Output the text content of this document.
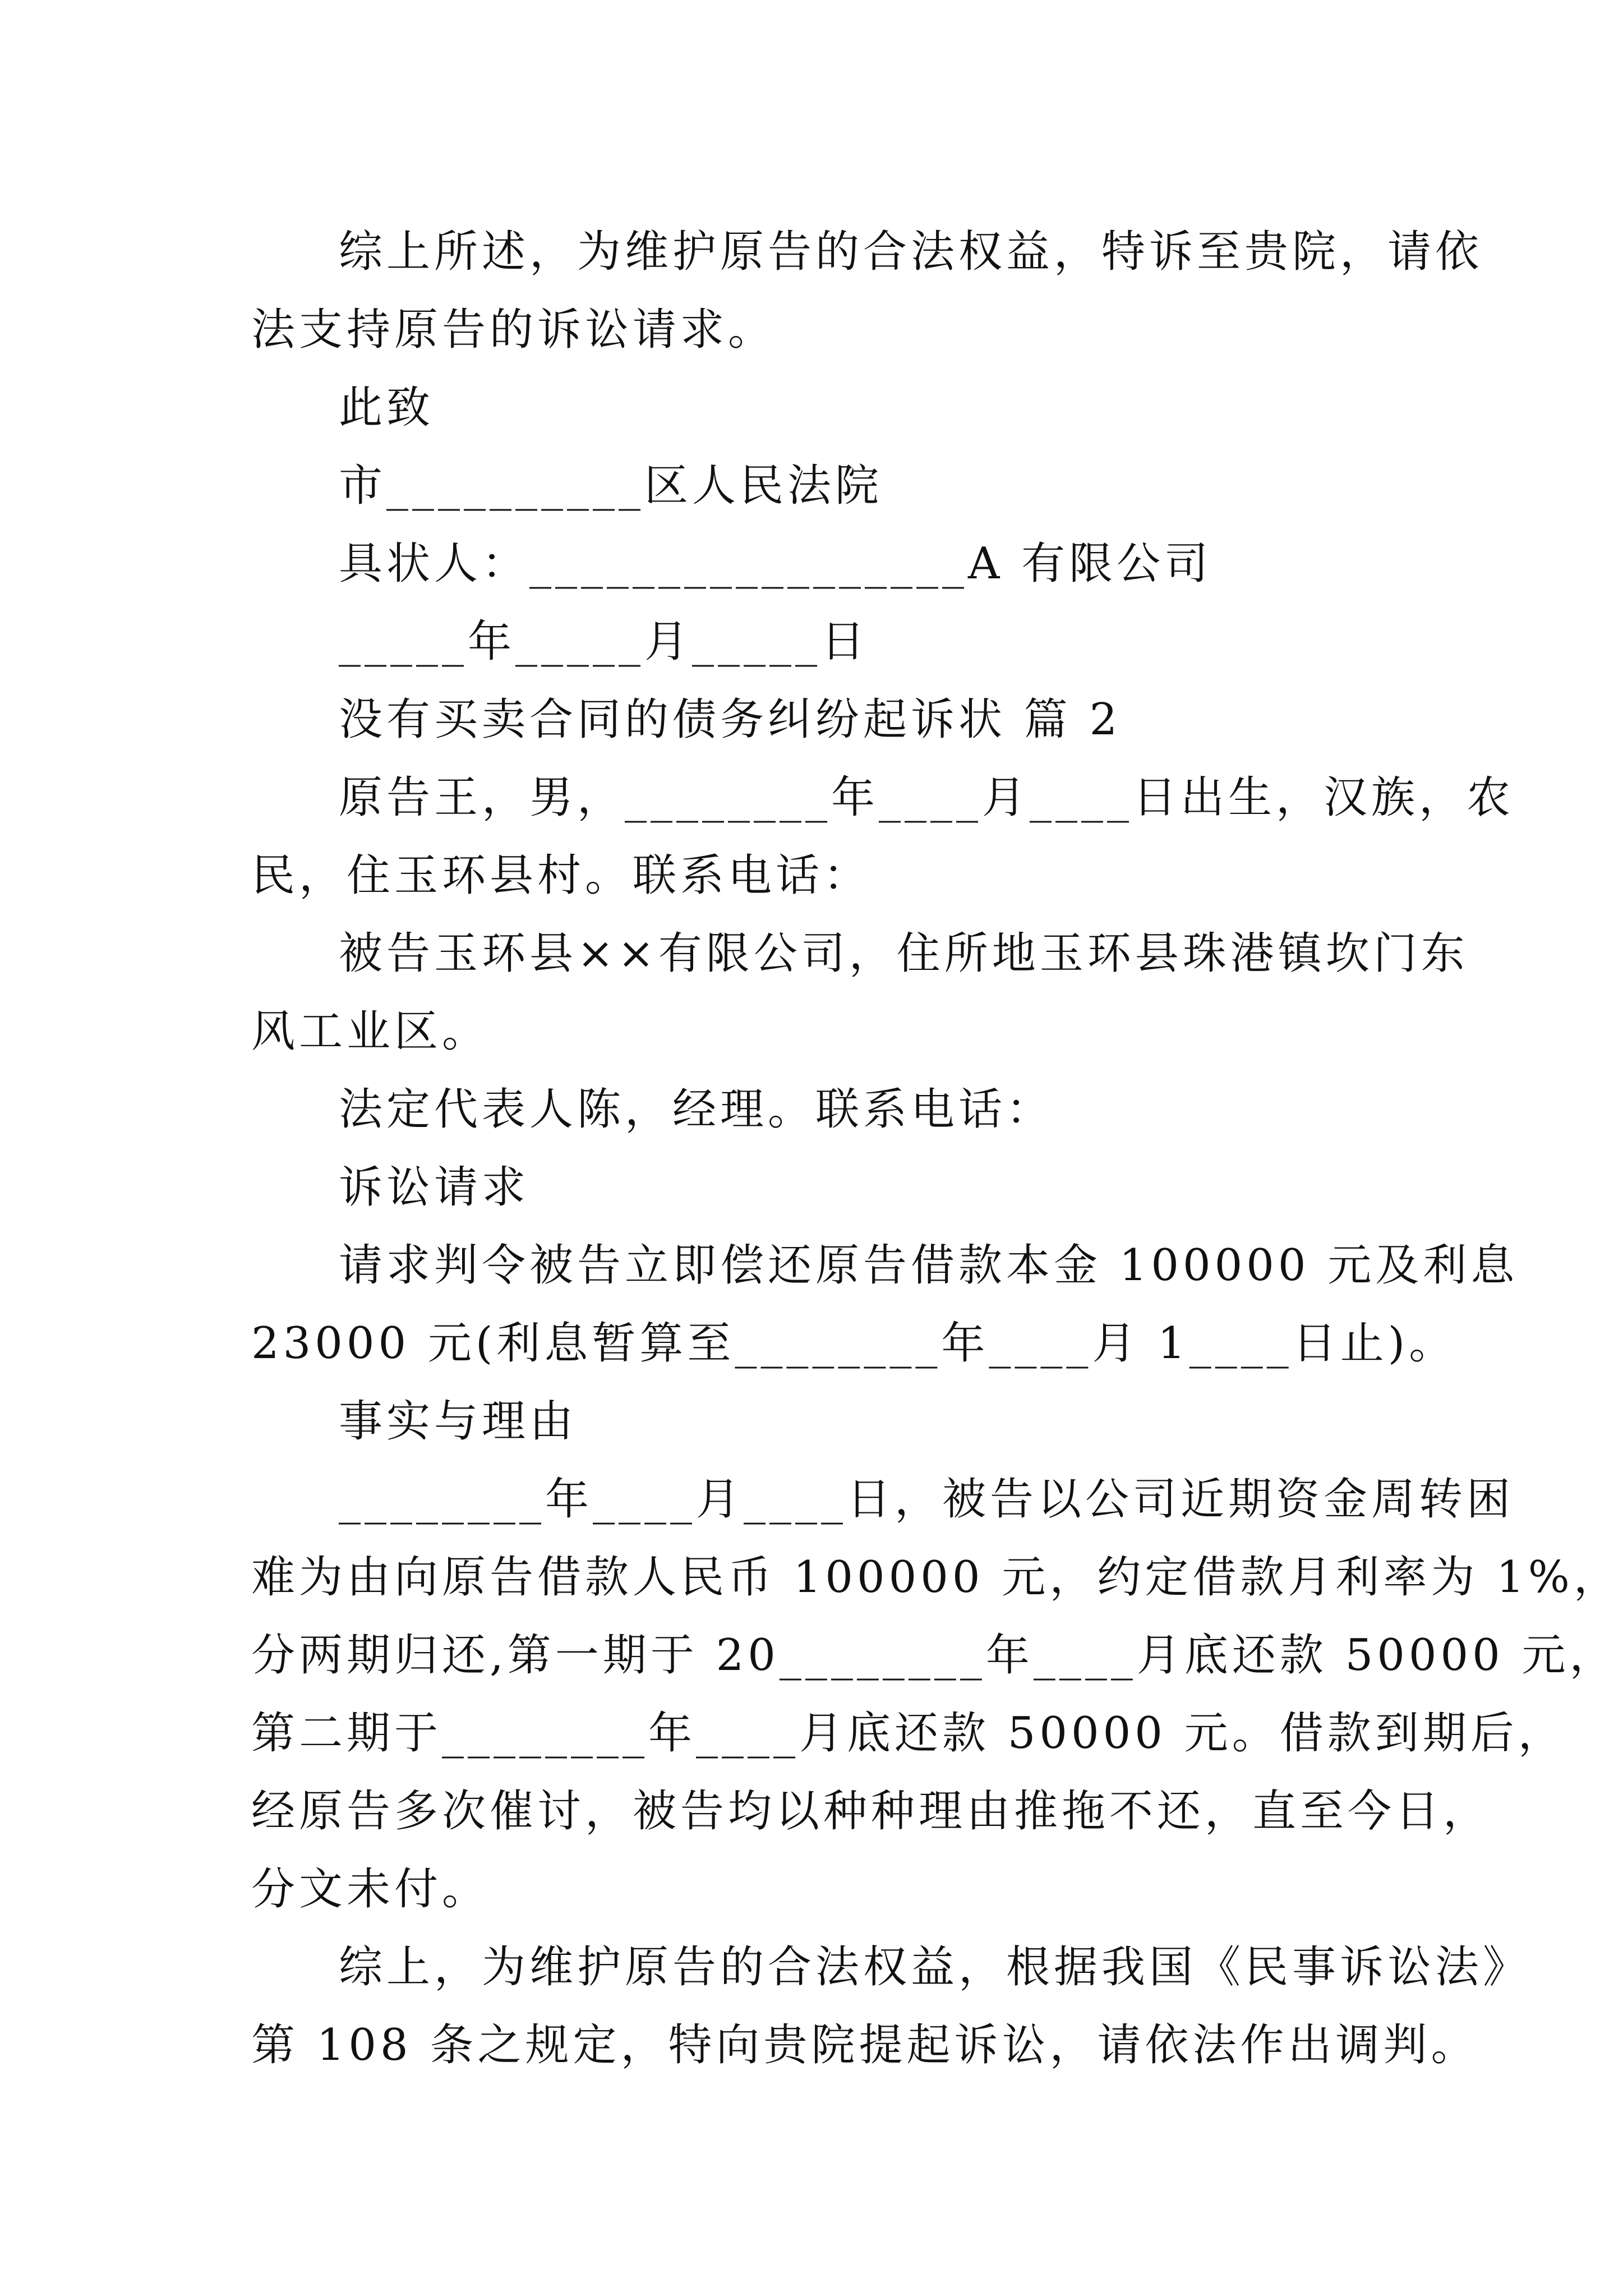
综上所述，为维护原告的合法权益，特诉至贵院，请依
法支持原告的诉讼请求。
此致
市__________区人民法院
具状人：_________________A 有限公司
_____年_____月_____日
没有买卖合同的债务纠纷起诉状 篇 2
原告王，男，________年____月____日出生，汉族，农
民，住玉环县村。联系电话：
被告玉环县××有限公司，住所地玉环县珠港镇坎门东
风工业区。
法定代表人陈，经理。联系电话：
诉讼请求
请求判令被告立即偿还原告借款本金 100000 元及利息
23000 元(利息暂算至________年____月 1____日止)。
事实与理由
________年____月____日，被告以公司近期资金周转困
难为由向原告借款人民币 100000 元，约定借款月利率为 1%，
分两期归还,第一期于 20________年____月底还款 50000 元，
第二期于________年____月底还款 50000 元。借款到期后，
经原告多次催讨，被告均以种种理由推拖不还，直至今日，
分文未付。
综上，为维护原告的合法权益，根据我国《民事诉讼法》
第 108 条之规定，特向贵院提起诉讼，请依法作出调判。
